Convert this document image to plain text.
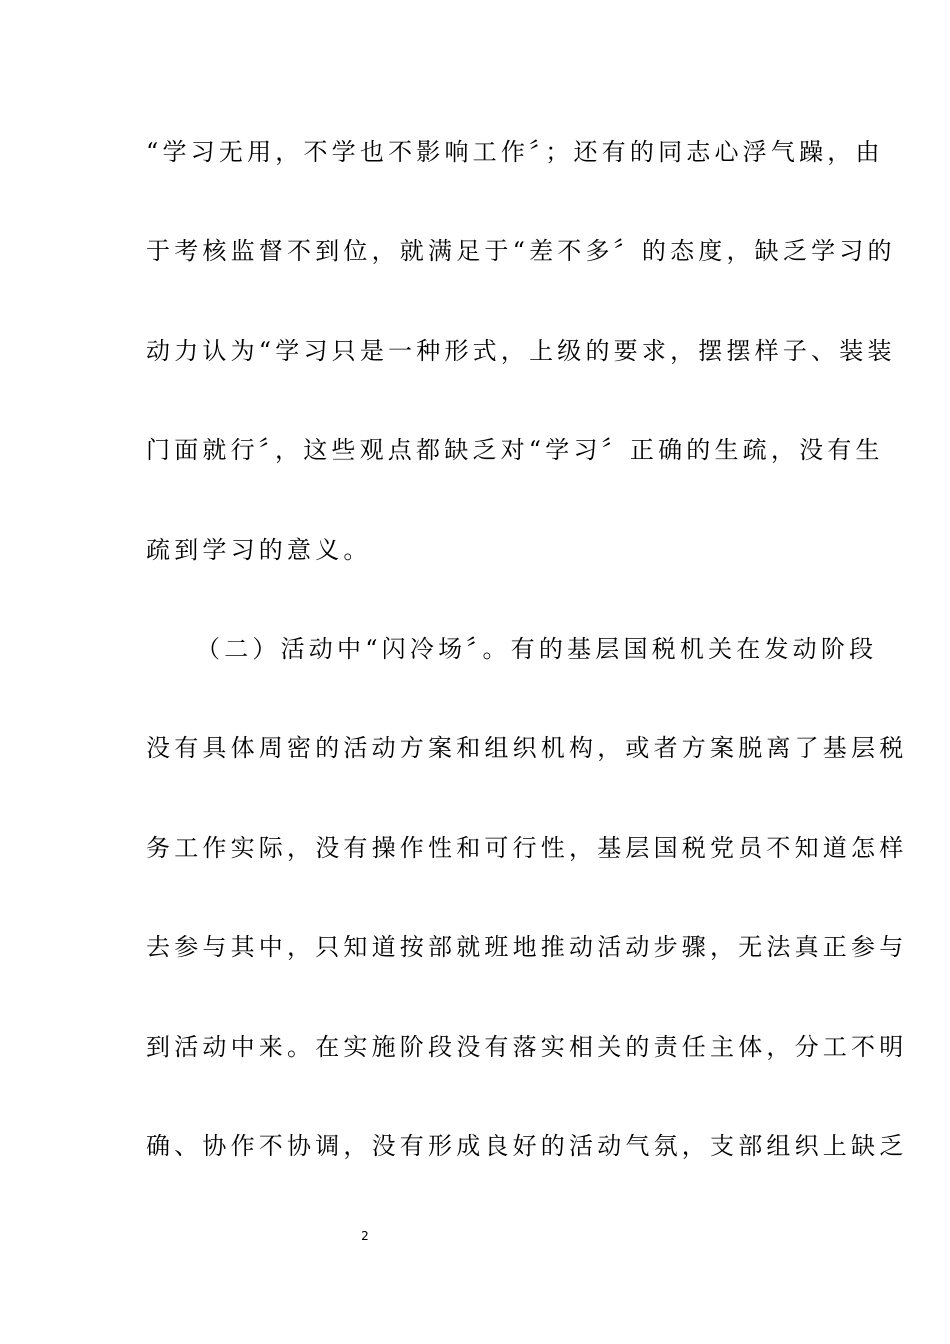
“学习无用，不学也不影响工作〞；还有的同志心浮气躁，由
于考核监督不到位，就满足于“差不多〞的态度，缺乏学习的
动力认为“学习只是一种形式，上级的要求，摆摆样子、装装
门面就行〞，这些观点都缺乏对“学习〞正确的生疏，没有生
疏到学习的意义。
（二）活动中“闪冷场〞。有的基层国税机关在发动阶段
没有具体周密的活动方案和组织机构，或者方案脱离了基层税
务工作实际，没有操作性和可行性，基层国税党员不知道怎样
去参与其中，只知道按部就班地推动活动步骤，无法真正参与
到活动中来。在实施阶段没有落实相关的责任主体，分工不明
确、协作不协调，没有形成良好的活动气氛，支部组织上缺乏
2
